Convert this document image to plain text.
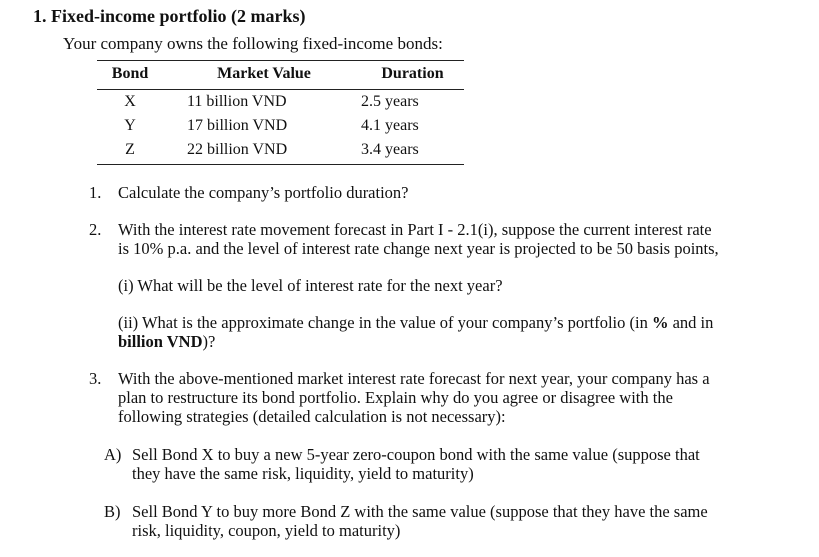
1. Fixed-income portfolio (2 marks)
Your company owns the following fixed-income bonds:
Bond	Market Value	Duration
X	11 billion VND	2.5 years
Y	17 billion VND	4.1 years
Z	22 billion VND	3.4 years
1. Calculate the company’s portfolio duration?
2. With the interest rate movement forecast in Part I - 2.1(i), suppose the current interest rate
is 10% p.a. and the level of interest rate change next year is projected to be 50 basis points,
(i) What will be the level of interest rate for the next year?
(ii) What is the approximate change in the value of your company’s portfolio (in % and in
billion VND)?
3. With the above-mentioned market interest rate forecast for next year, your company has a
plan to restructure its bond portfolio. Explain why do you agree or disagree with the
following strategies (detailed calculation is not necessary):
A) Sell Bond X to buy a new 5-year zero-coupon bond with the same value (suppose that
they have the same risk, liquidity, yield to maturity)
B) Sell Bond Y to buy more Bond Z with the same value (suppose that they have the same
risk, liquidity, coupon, yield to maturity)
